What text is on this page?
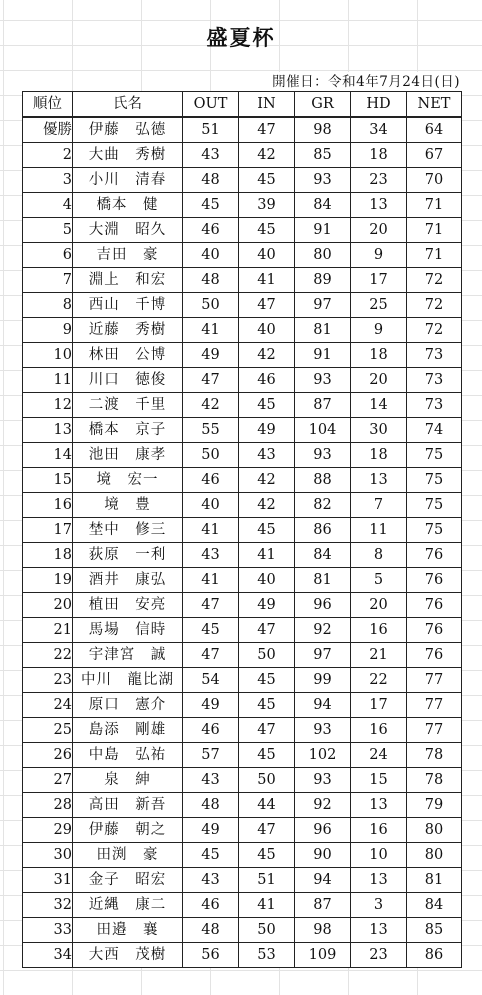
盛夏杯
開催日：令和4年7月24日(日)
順位	氏名	OUT	IN	GR	HD	NET
優勝	伊藤　弘德	51	47	98	34	64
2	大曲　秀樹	43	42	85	18	67
3	小川　清春	48	45	93	23	70
4	橋本　健	45	39	84	13	71
5	大淵　昭久	46	45	91	20	71
6	吉田　豪	40	40	80	9	71
7	淵上　和宏	48	41	89	17	72
8	西山　千博	50	47	97	25	72
9	近藤　秀樹	41	40	81	9	72
10	林田　公博	49	42	91	18	73
11	川口　徳俊	47	46	93	20	73
12	二渡　千里	42	45	87	14	73
13	橋本　京子	55	49	104	30	74
14	池田　康孝	50	43	93	18	75
15	境　宏一	46	42	88	13	75
16	境　豊	40	42	82	7	75
17	埜中　修三	41	45	86	11	75
18	荻原　一利	43	41	84	8	76
19	酒井　康弘	41	40	81	5	76
20	植田　安亮	47	49	96	20	76
21	馬場　信時	45	47	92	16	76
22	宇津宮　誠	47	50	97	21	76
23	中川　龍比湖	54	45	99	22	77
24	原口　憲介	49	45	94	17	77
25	島添　剛雄	46	47	93	16	77
26	中島　弘祐	57	45	102	24	78
27	泉　紳	43	50	93	15	78
28	高田　新吾	48	44	92	13	79
29	伊藤　朝之	49	47	96	16	80
30	田渕　豪	45	45	90	10	80
31	金子　昭宏	43	51	94	13	81
32	近縄　康二	46	41	87	3	84
33	田邉　襄	48	50	98	13	85
34	大西　茂樹	56	53	109	23	86
